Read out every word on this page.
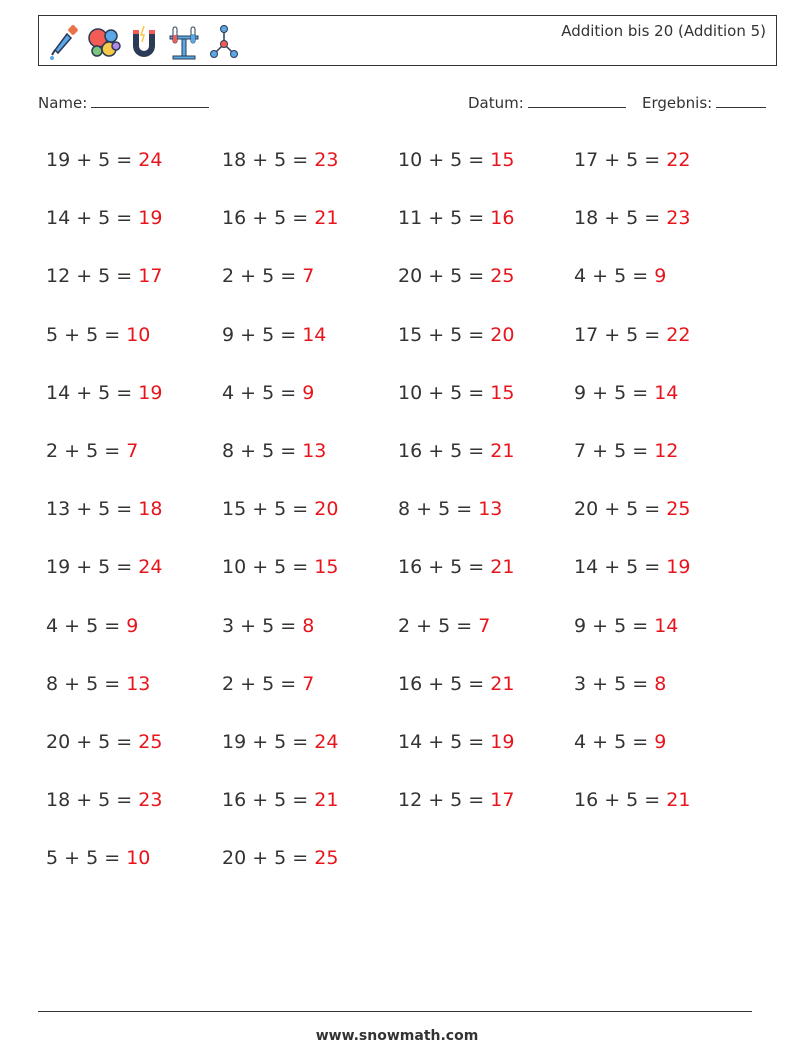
Addition bis 20 (Addition 5)
Name:	Datum:	Ergebnis:
19 + 5 = 24	18 + 5 = 23	10 + 5 = 15	17 + 5 = 22
14 + 5 = 19	16 + 5 = 21	11 + 5 = 16	18 + 5 = 23
12 + 5 = 17	2 + 5 = 7	20 + 5 = 25	4 + 5 = 9
5 + 5 = 10	9 + 5 = 14	15 + 5 = 20	17 + 5 = 22
14 + 5 = 19	4 + 5 = 9	10 + 5 = 15	9 + 5 = 14
2 + 5 = 7	8 + 5 = 13	16 + 5 = 21	7 + 5 = 12
13 + 5 = 18	15 + 5 = 20	8 + 5 = 13	20 + 5 = 25
19 + 5 = 24	10 + 5 = 15	16 + 5 = 21	14 + 5 = 19
4 + 5 = 9	3 + 5 = 8	2 + 5 = 7	9 + 5 = 14
8 + 5 = 13	2 + 5 = 7	16 + 5 = 21	3 + 5 = 8
20 + 5 = 25	19 + 5 = 24	14 + 5 = 19	4 + 5 = 9
18 + 5 = 23	16 + 5 = 21	12 + 5 = 17	16 + 5 = 21
5 + 5 = 10	20 + 5 = 25
www.snowmath.com
